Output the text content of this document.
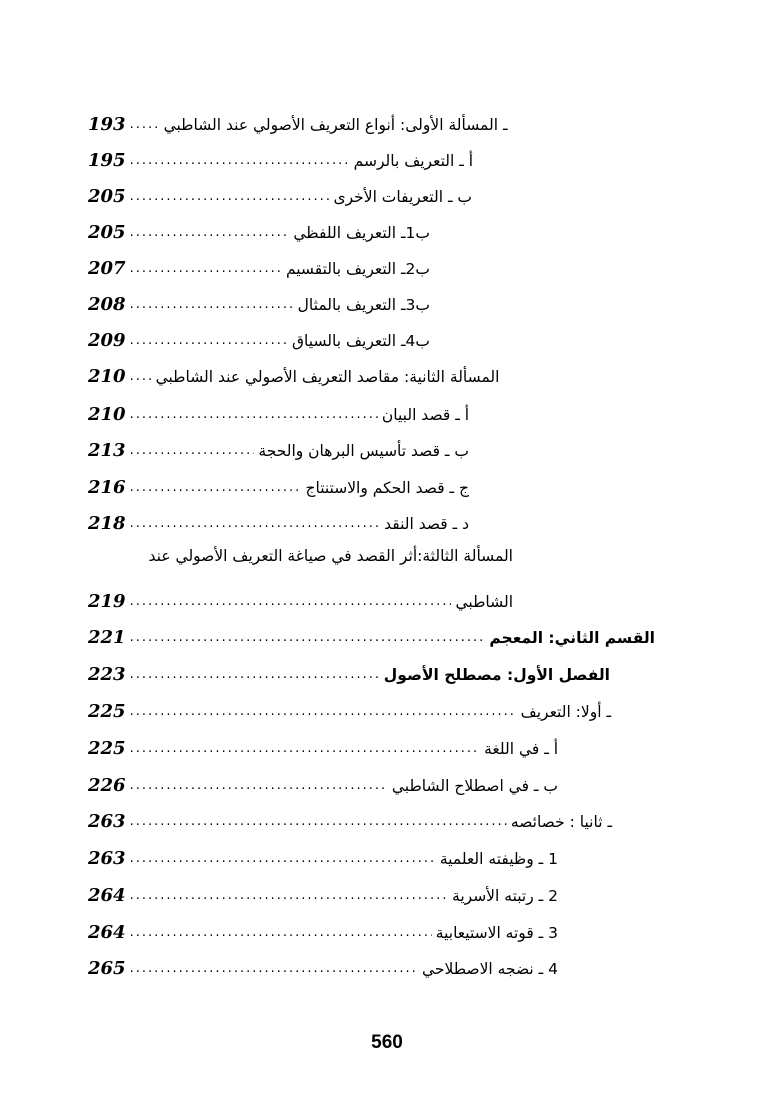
193 ..... ـ المسألة الأولى: أنواع التعريف الأصولي عند الشاطبي
195 .....	أ ـ التعريف بالرسم
205 .....	ب ـ التعريفات الأخرى
205 .....	ب1ـ التعريف اللفظي
207 .....	ب2ـ التعريف بالتقسيم
208 .....	ب3ـ التعريف بالمثال
209 .....	ب4ـ التعريف بالسياق
210 ..... المسألة الثانية: مقاصد التعريف الأصولي عند الشاطبي
210 .....	أ ـ قصد البيان
213 .....	ب ـ قصد تأسيس البرهان والحجة
216 .....	ج ـ قصد الحكم والاستنتاج
218 .....	د ـ قصد النقد
المسألة الثالثة:أثر القصد في صياغة التعريف الأصولي عند
219 .....	الشاطبي
221 .....	القسم الثاني: المعجم
223 .....	الفصل الأول: مصطلح الأصول
225 .....	ـ أولا: التعريف
225 .....	أ ـ في اللغة
226 .....	ب ـ في اصطلاح الشاطبي
263 .....	ـ ثانيا : خصائصه
263 .....	1 ـ وظيفته العلمية
264 .....	2 ـ رتبته الأسرية
264 .....	3 ـ قوته الاستيعابية
265 .....	4 ـ نضجه الاصطلاحي
560
